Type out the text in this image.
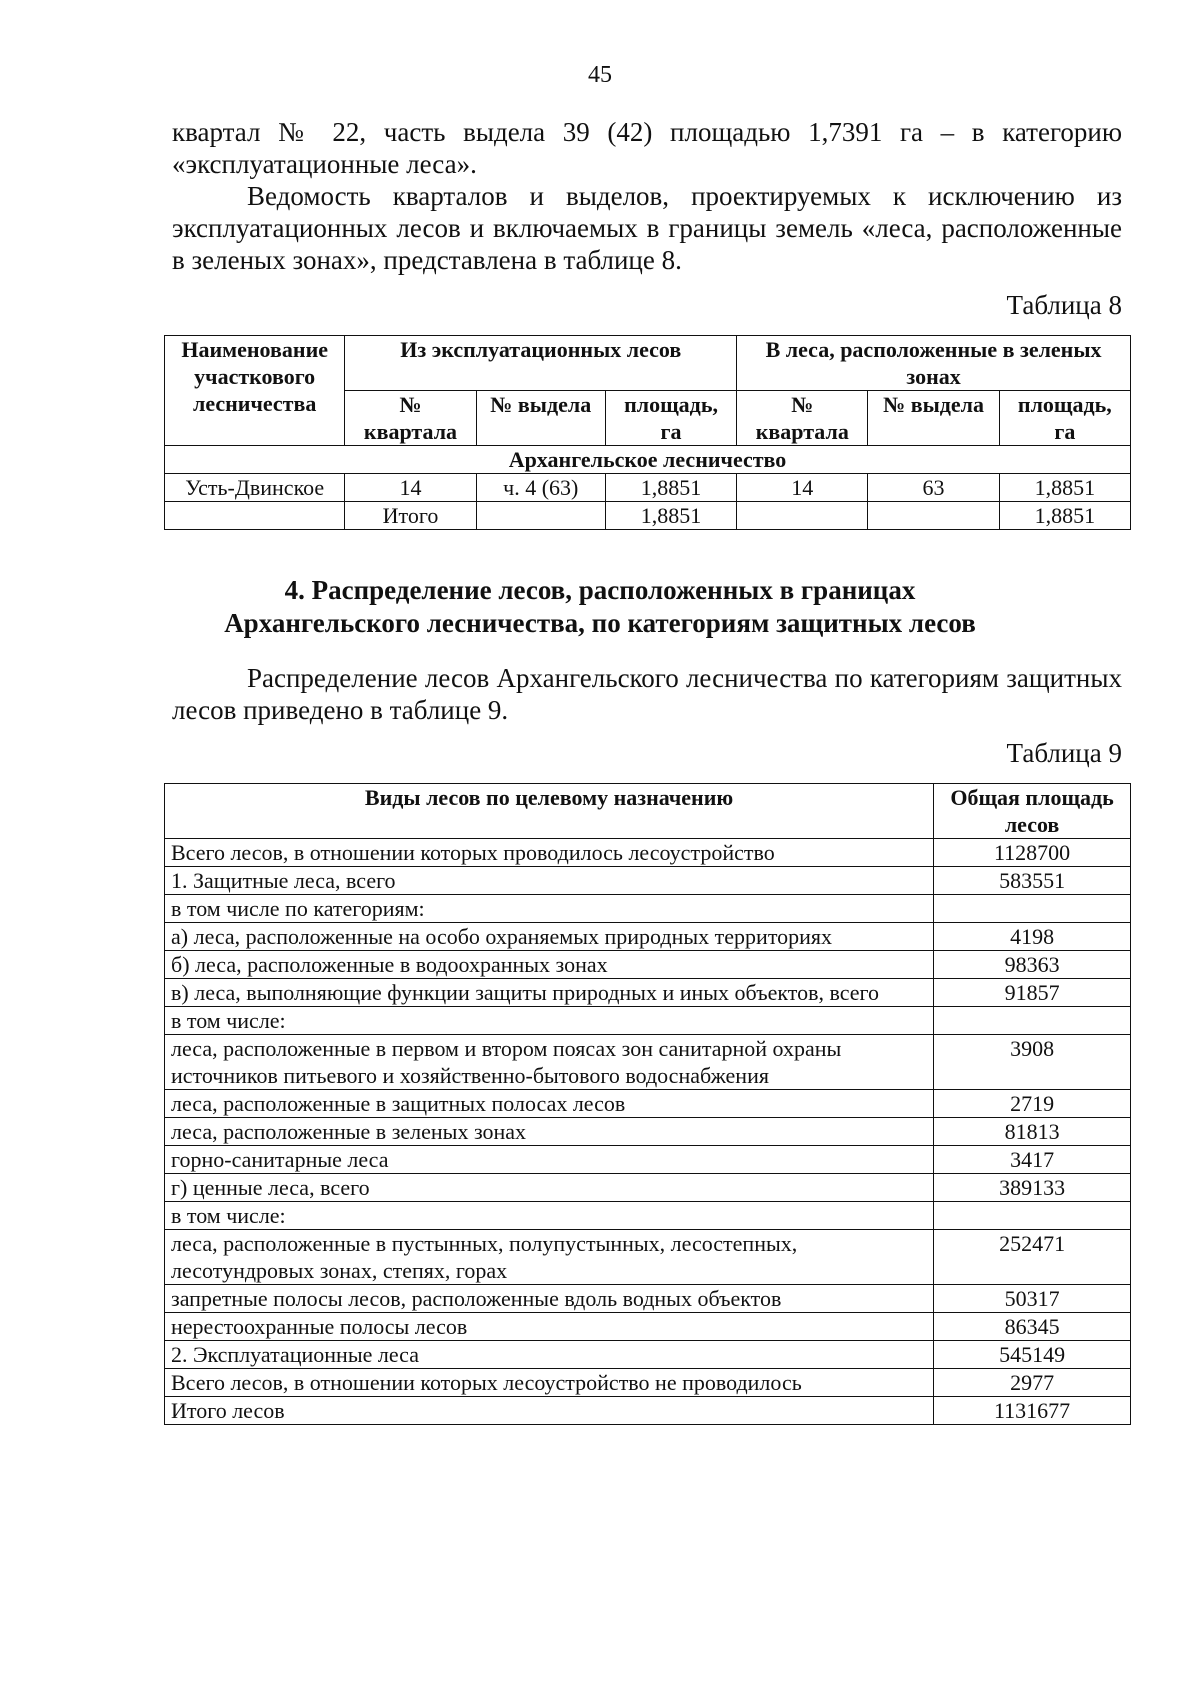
45

квартал № 22, часть выдела 39 (42) площадью 1,7391 га – в категорию

«эксплуатационные леса».

Ведомость кварталов и выделов, проектируемых к исключению из эксплуатационных лесов и включаемых в границы земель «леса, расположенные в зеленых зонах», представлена в таблице 8.

Таблица 8
Наименование участкового лесничества	Из эксплуатационных лесов			В леса, расположенные в зеленых зонах		
	№ квартала	№ выдела	площадь, га	№ квартала	№ выдела	площадь, га
Архангельское лесничество						
Усть-Двинское	14	ч. 4 (63)	1,8851	14	63	1,8851
	Итого		1,8851			1,8851
4. Распределение лесов, расположенных в границах
Архангельского лесничества, по категориям защитных лесов

Распределение лесов Архангельского лесничества по категориям защитных лесов приведено в таблице 9.

Таблица 9
Виды лесов по целевому назначению	Общая площадь лесов
Всего лесов, в отношении которых проводилось лесоустройство	1128700
1. Защитные леса, всего	583551
в том числе по категориям:	
а) леса, расположенные на особо охраняемых природных территориях	4198
б) леса, расположенные в водоохранных зонах	98363
в) леса, выполняющие функции защиты природных и иных объектов, всего	91857
в том числе:	
леса, расположенные в первом и втором поясах зон санитарной охраны источников питьевого и хозяйственно-бытового водоснабжения	3908
леса, расположенные в защитных полосах лесов	2719
леса, расположенные в зеленых зонах	81813
горно-санитарные леса	3417
г) ценные леса, всего	389133
в том числе:	
леса, расположенные в пустынных, полупустынных, лесостепных, лесотундровых зонах, степях, горах	252471
запретные полосы лесов, расположенные вдоль водных объектов	50317
нерестоохранные полосы лесов	86345
2. Эксплуатационные леса	545149
Всего лесов, в отношении которых лесоустройство не проводилось	2977
Итого лесов	1131677
